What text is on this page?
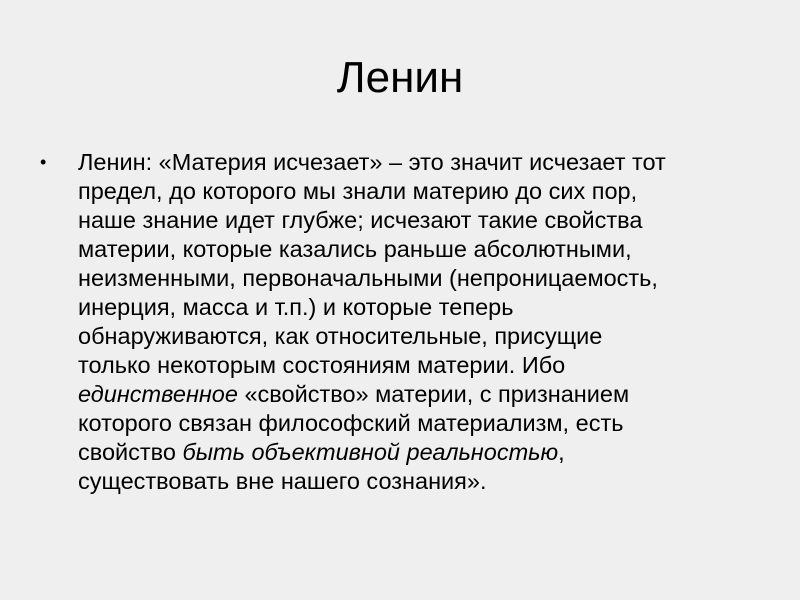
Ленин
• Ленин: «Материя исчезает» – это значит исчезает тот
предел, до которого мы знали материю до сих пор,
наше знание идет глубже; исчезают такие свойства
материи, которые казались раньше абсолютными,
неизменными, первоначальными (непроницаемость,
инерция, масса и т.п.) и которые теперь
обнаруживаются, как относительные, присущие
только некоторым состояниям материи. Ибо
единственное «свойство» материи, с признанием
которого связан философский материализм, есть
свойство быть объективной реальностью,
существовать вне нашего сознания».
